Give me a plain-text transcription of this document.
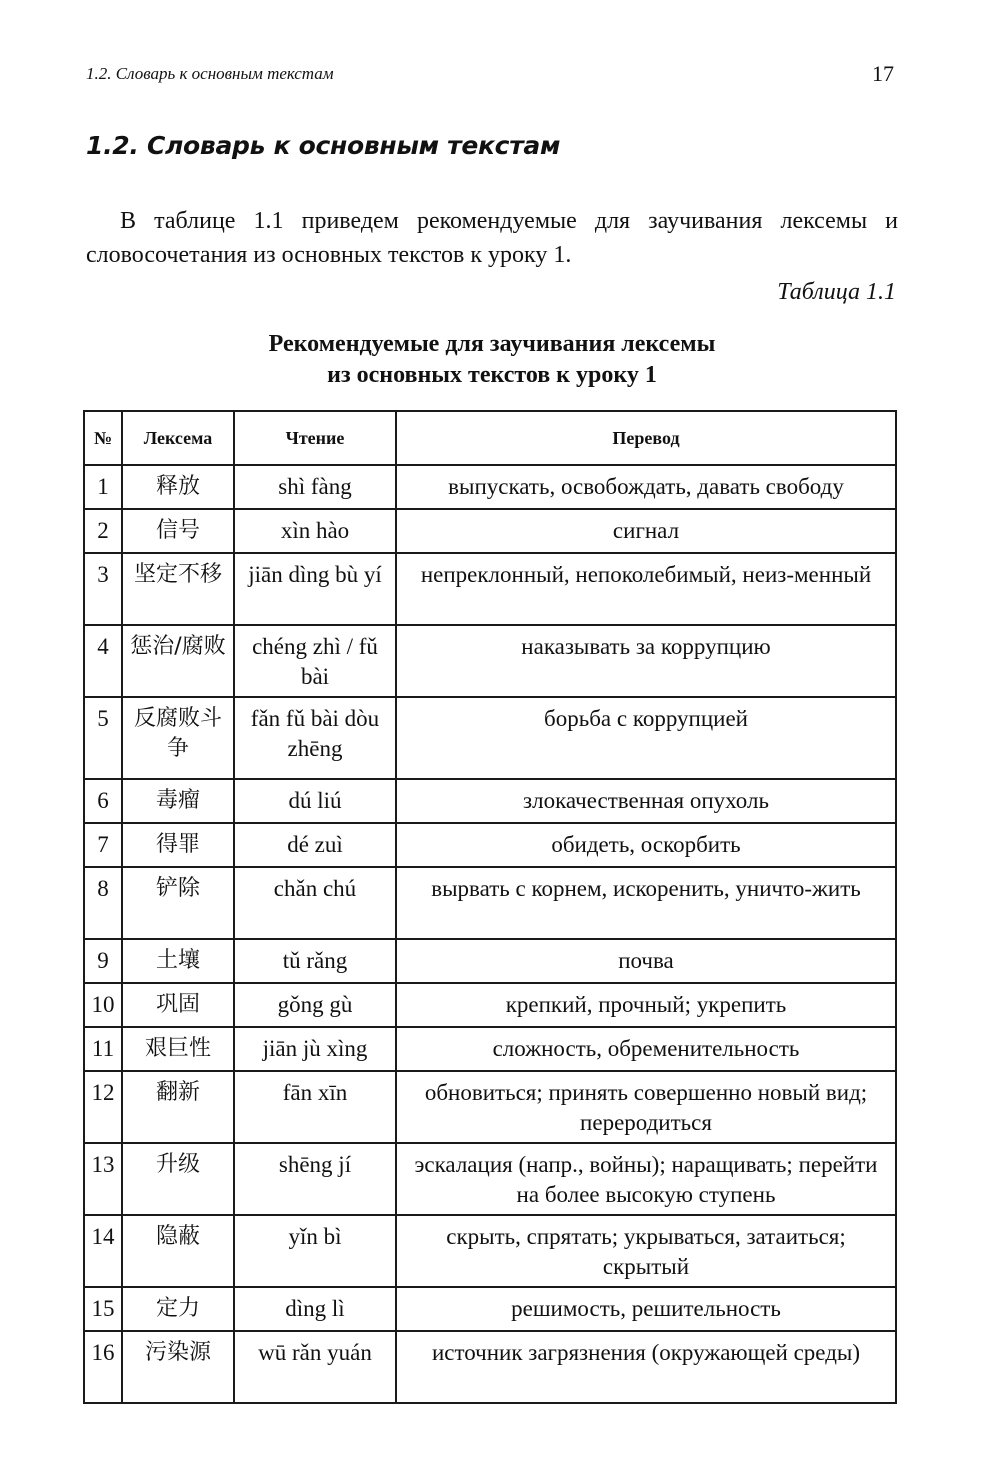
1.2. Словарь к основным текстам	17
1.2. Словарь к основным текстам

В таблице 1.1 приведем рекомендуемые для заучивания лексемы и словосочетания из основных текстов к уроку 1.

Таблица 1.1
Рекомендуемые для заучивания лексемы
из основных текстов к уроку 1
№	Лексема	Чтение	Перевод
1	释放	shì fàng	выпускать, освобождать, давать свободу
2	信号	xìn hào	сигнал
3	坚定不移	jiān dìng bù yí	непреклонный, непоколебимый, неиз-менный
4	惩治/腐败	chéng zhì / fǔ bài	наказывать за коррупцию
5	反腐败斗争	fǎn fǔ bài dòu zhēng	борьба с коррупцией
6	毒瘤	dú liú	злокачественная опухоль
7	得罪	dé zuì	обидеть, оскорбить
8	铲除	chǎn chú	вырвать с корнем, искоренить, уничто-жить
9	土壤	tǔ rǎng	почва
10	巩固	gǒng gù	крепкий, прочный; укрепить
11	艰巨性	jiān jù xìng	сложность, обременительность
12	翻新	fān xīn	обновиться; принять совершенно новый вид; переродиться
13	升级	shēng jí	эскалация (напр., войны); наращивать; перейти на более высокую ступень
14	隐蔽	yǐn bì	скрыть, спрятать; укрываться, затаиться; скрытый
15	定力	dìng lì	решимость, решительность
16	污染源	wū rǎn yuán	источник загрязнения (окружающей среды)
